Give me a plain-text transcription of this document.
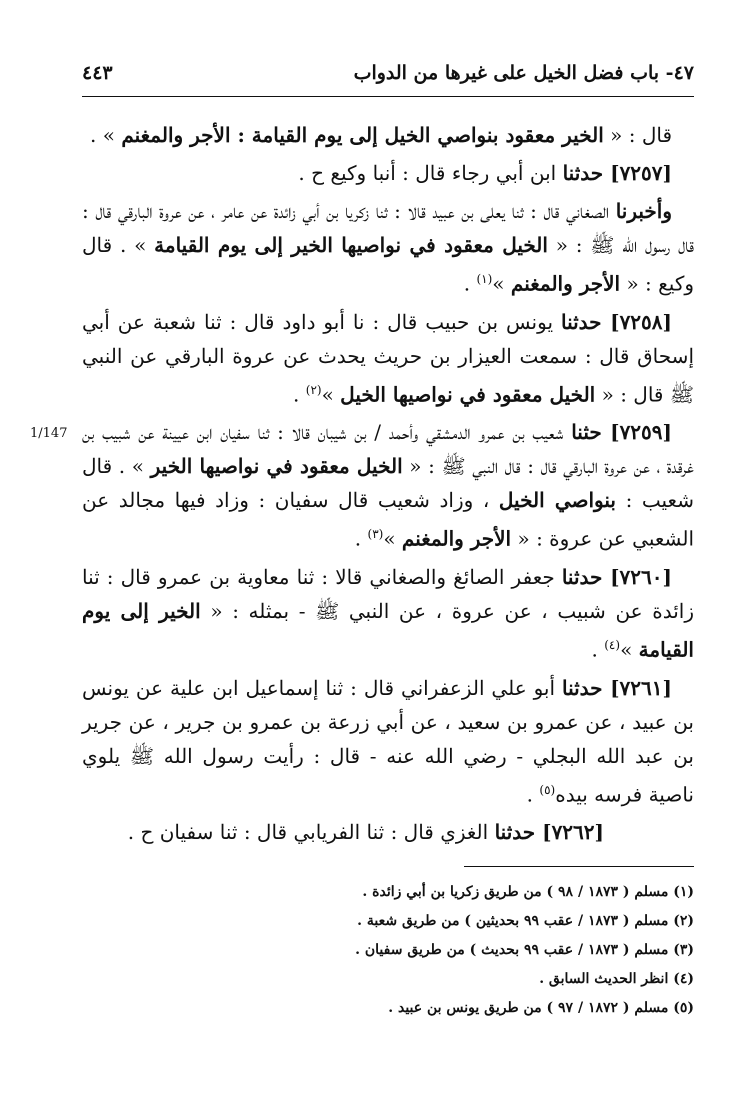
٤٧- باب فضل الخيل على غيرها من الدواب
٤٤٣
1/147

قال : « الخير معقود بنواصي الخيل إلى يوم القيامة : الأجر والمغنم » .

[٧٢٥٧] حدثنا ابن أبي رجاء قال : أنبا وكيع ح .

وأخبرنا الصغاني قال : ثنا يعلى بن عبيد قالا : ثنا زكريا بن أبي زائدة عن عامر ، عن عروة البارقي قال : قال رسول الله ﷺ : « الخيل معقود في نواصيها الخير إلى يوم القيامة » . قال وكيع : « الأجر والمغنم »$^{(١)}$ .

[٧٢٥٨] حدثنا يونس بن حبيب قال : نا أبو داود قال : ثنا شعبة عن أبي إسحاق قال : سمعت العيزار بن حريث يحدث عن عروة البارقي عن النبي ﷺ قال : « الخيل معقود في نواصيها الخيل »$^{(٢)}$ .

[٧٢٥٩] حثنا شعيب بن عمرو الدمشقي وأحمد / بن شيبان قالا : ثنا سفيان ابن عيينة عن شبيب بن غرقدة ، عن عروة البارقي قال : قال النبي ﷺ : « الخيل معقود في نواصيها الخير » . قال شعيب : بنواصي الخيل ، وزاد شعيب قال سفيان : وزاد فيها مجالد عن الشعبي عن عروة : « الأجر والمغنم »$^{(٣)}$ .

[٧٢٦٠] حدثنا جعفر الصائغ والصغاني قالا : ثنا معاوية بن عمرو قال : ثنا زائدة عن شبيب ، عن عروة ، عن النبي ﷺ - بمثله : « الخير إلى يوم القيامة »$^{(٤)}$ .

[٧٢٦١] حدثنا أبو علي الزعفراني قال : ثنا إسماعيل ابن علية عن يونس بن عبيد ، عن عمرو بن سعيد ، عن أبي زرعة بن عمرو بن جرير ، عن جرير بن عبد الله البجلي - رضي الله عنه - قال : رأيت رسول الله ﷺ يلوي ناصية فرسه بيده$^{(٥)}$ .

[٧٢٦٢] حدثنا الغزي قال : ثنا الفريابي قال : ثنا سفيان ح .

(١) مسلم ( ١٨٧٣ / ٩٨ ) من طريق زكريا بن أبي زائدة .
(٢) مسلم ( ١٨٧٣ / عقب ٩٩ بحديثين ) من طريق شعبة .
(٣) مسلم ( ١٨٧٣ / عقب ٩٩ بحديث ) من طريق سفيان .
(٤) انظر الحديث السابق .
(٥) مسلم ( ١٨٧٢ / ٩٧ ) من طريق يونس بن عبيد .
